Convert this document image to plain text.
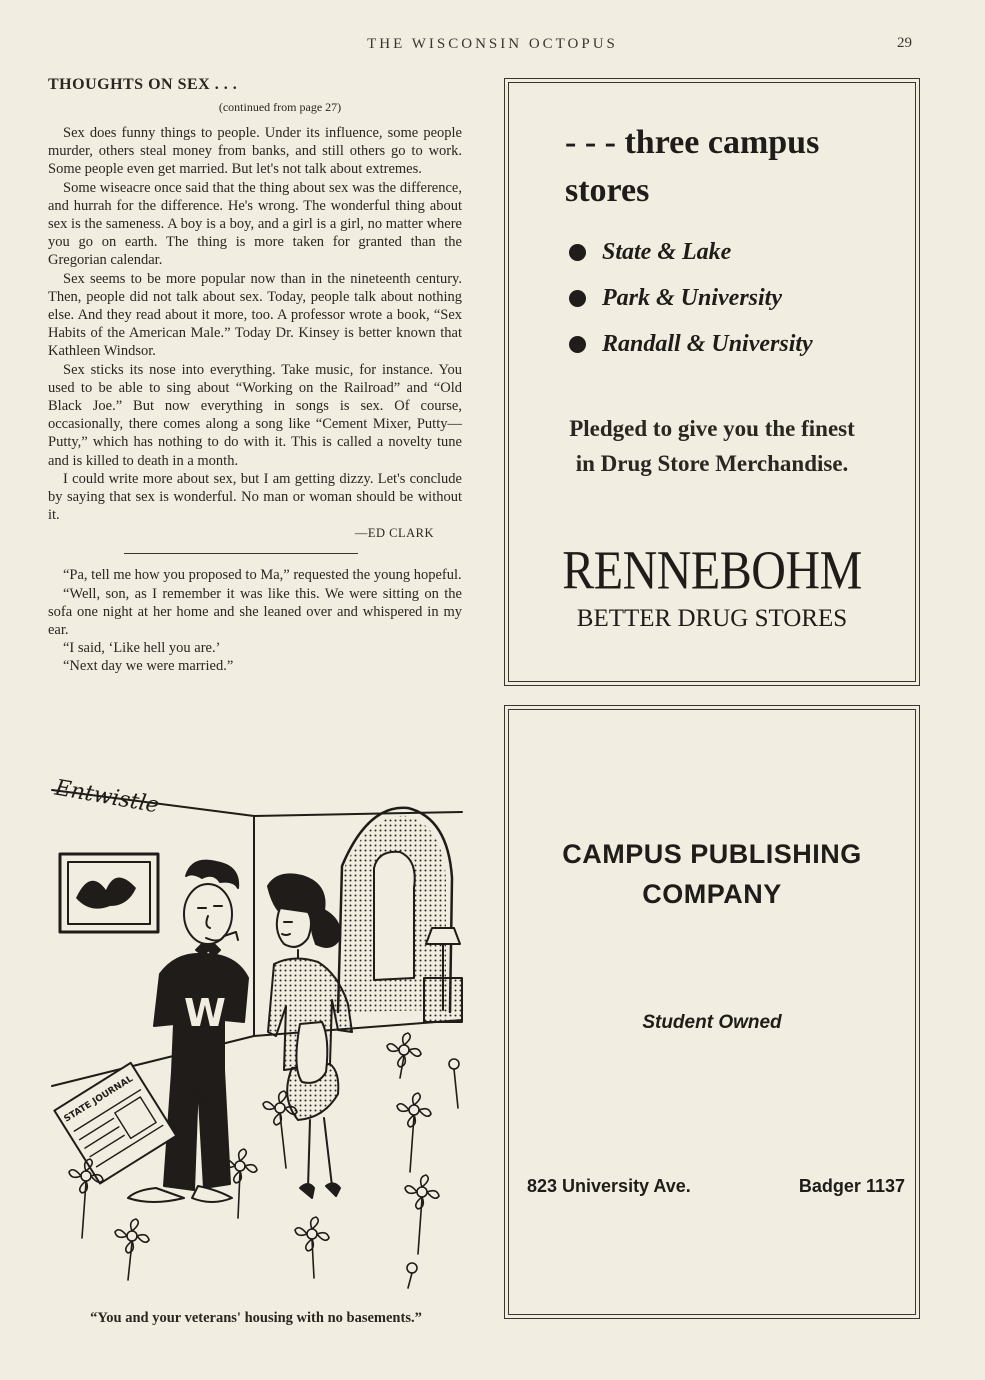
THE WISCONSIN OCTOPUS	29
THOUGHTS ON SEX . . .
(continued from page 27)

Sex does funny things to people. Under its influence, some people murder, others steal money from banks, and still others go to work. Some people even get married. But let's not talk about extremes.

Some wiseacre once said that the thing about sex was the difference, and hurrah for the difference. He's wrong. The wonderful thing about sex is the sameness. A boy is a boy, and a girl is a girl, no matter where you go on earth. The thing is more taken for granted than the Gregorian calendar.

Sex seems to be more popular now than in the nineteenth century. Then, people did not talk about sex. Today, people talk about nothing else. And they read about it more, too. A professor wrote a book, “Sex Habits of the American Male.” Today Dr. Kinsey is better known that Kathleen Windsor.

Sex sticks its nose into everything. Take music, for instance. You used to be able to sing about “Working on the Railroad” and “Old Black Joe.” But now everything in songs is sex. Of course, occasionally, there comes along a song like “Cement Mixer, Putty—Putty,” which has nothing to do with it. This is called a novelty tune and is killed to death in a month.

I could write more about sex, but I am getting dizzy. Let's conclude by saying that sex is wonderful. No man or woman should be without it.

—ED CLARK

“Pa, tell me how you proposed to Ma,” requested the young hopeful.

“Well, son, as I remember it was like this. We were sitting on the sofa one night at her home and she leaned over and whispered in my ear.

“I said, ‘Like hell you are.’

“Next day we were married.”

Entwistle
W
STATE JOURNAL
“You and your veterans' housing with no basements.”
- - - three campus stores
State & Lake
Park & University
Randall & University

Pledged to give you the finest
in Drug Store Merchandise.

RENNEBOHM

BETTER DRUG STORES

CAMPUS PUBLISHING
COMPANY

Student Owned

823 University Ave.	Badger 1137
